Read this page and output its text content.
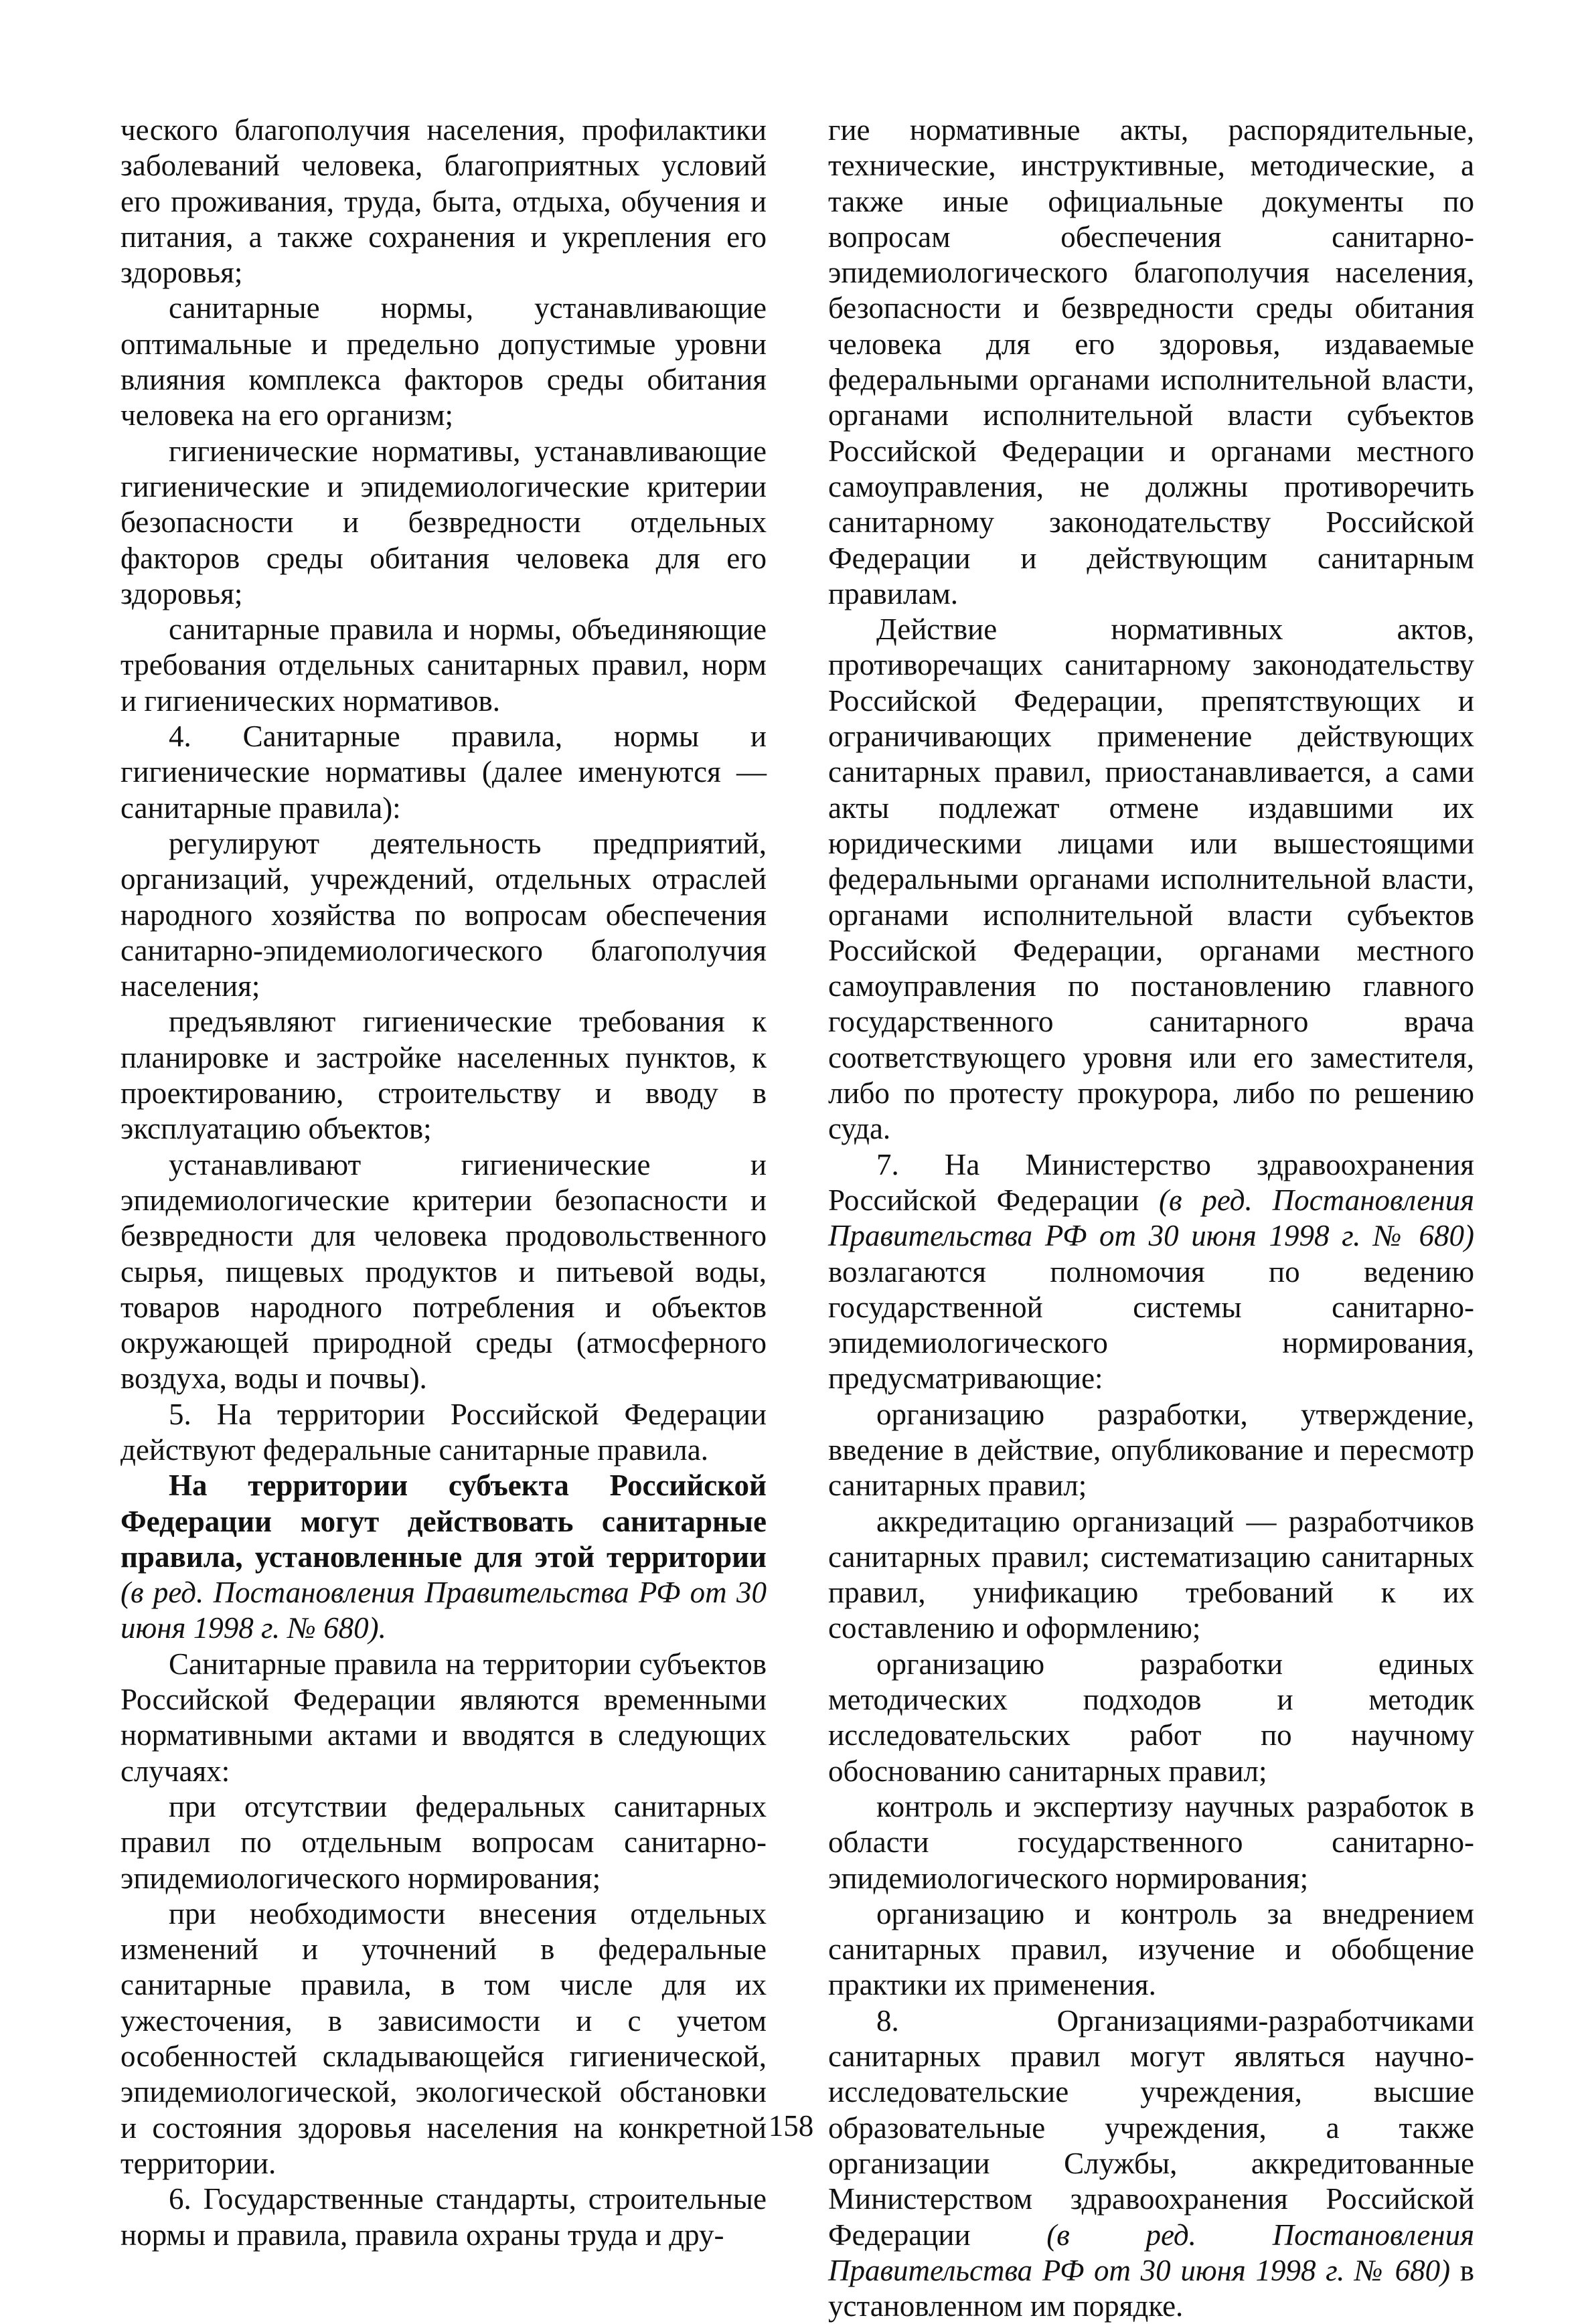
ческого благополучия населения, профилактики заболеваний человека, благоприятных условий его проживания, труда, быта, отдыха, обучения и питания, а также сохранения и укрепления его здоровья;

санитарные нормы, устанавливающие оптимальные и предельно допустимые уровни влияния комплекса факторов среды обитания человека на его организм;

гигиенические нормативы, устанавливающие гигиенические и эпидемиологические критерии безопасности и безвредности отдельных факторов среды обитания человека для его здоровья;

санитарные правила и нормы, объединяющие требования отдельных санитарных правил, норм и гигиенических нормативов.

4. Санитарные правила, нормы и гигиенические нормативы (далее именуются — санитарные правила):

регулируют деятельность предприятий, организаций, учреждений, отдельных отраслей народного хозяйства по вопросам обеспечения санитарно-эпидемиологического благополучия населения;

предъявляют гигиенические требования к планировке и застройке населенных пунктов, к проектированию, строительству и вводу в эксплуатацию объектов;

устанавливают гигиенические и эпидемиологические критерии безопасности и безвредности для человека продовольственного сырья, пищевых продуктов и питьевой воды, товаров народного потребления и объектов окружающей природной среды (атмосферного воздуха, воды и почвы).

5. На территории Российской Федерации действуют федеральные санитарные правила.

На территории субъекта Российской Федерации могут действовать санитарные правила, установленные для этой территории (в ред. Постановления Правительства РФ от 30 июня 1998 г. № 680).

Санитарные правила на территории субъектов Российской Федерации являются временными нормативными актами и вводятся в следующих случаях:

при отсутствии федеральных санитарных правил по отдельным вопросам санитарно-эпидемиологического нормирования;

при необходимости внесения отдельных изменений и уточнений в федеральные санитарные правила, в том числе для их ужесточения, в зависимости и с учетом особенностей складывающейся гигиенической, эпидемиологической, экологической обстановки и состояния здоровья населения на конкретной территории.

6. Государственные стандарты, строительные нормы и правила, правила охраны труда и дру-

гие нормативные акты, распорядительные, технические, инструктивные, методические, а также иные официальные документы по вопросам обеспечения санитарно-эпидемиологического благополучия населения, безопасности и безвредности среды обитания человека для его здоровья, издаваемые федеральными органами исполнительной власти, органами исполнительной власти субъектов Российской Федерации и органами местного самоуправления, не должны противоречить санитарному законодательству Российской Федерации и действующим санитарным правилам.

Действие нормативных актов, противоречащих санитарному законодательству Российской Федерации, препятствующих и ограничивающих применение действующих санитарных правил, приостанавливается, а сами акты подлежат отмене издавшими их юридическими лицами или вышестоящими федеральными органами исполнительной власти, органами исполнительной власти субъектов Российской Федерации, органами местного самоуправления по постановлению главного государственного санитарного врача соответствующего уровня или его заместителя, либо по протесту прокурора, либо по решению суда.

7. На Министерство здравоохранения Российской Федерации (в ред. Постановления Правительства РФ от 30 июня 1998 г. № 680) возлагаются полномочия по ведению государственной системы санитарно-эпидемиологического нормирования, предусматривающие:

организацию разработки, утверждение, введение в действие, опубликование и пересмотр санитарных правил;

аккредитацию организаций — разработчиков санитарных правил; систематизацию санитарных правил, унификацию требований к их составлению и оформлению;

организацию разработки единых методических подходов и методик исследовательских работ по научному обоснованию санитарных правил;

контроль и экспертизу научных разработок в области государственного санитарно-эпидемиологического нормирования;

организацию и контроль за внедрением санитарных правил, изучение и обобщение практики их применения.

8. Организациями-разработчиками санитарных правил могут являться научно-исследовательские учреждения, высшие образовательные учреждения, а также организации Службы, аккредитованные Министерством здравоохранения Российской Федерации	(в ред. Постановления Правительства РФ от 30 июня 1998 г. № 680) в установленном им порядке.

158
